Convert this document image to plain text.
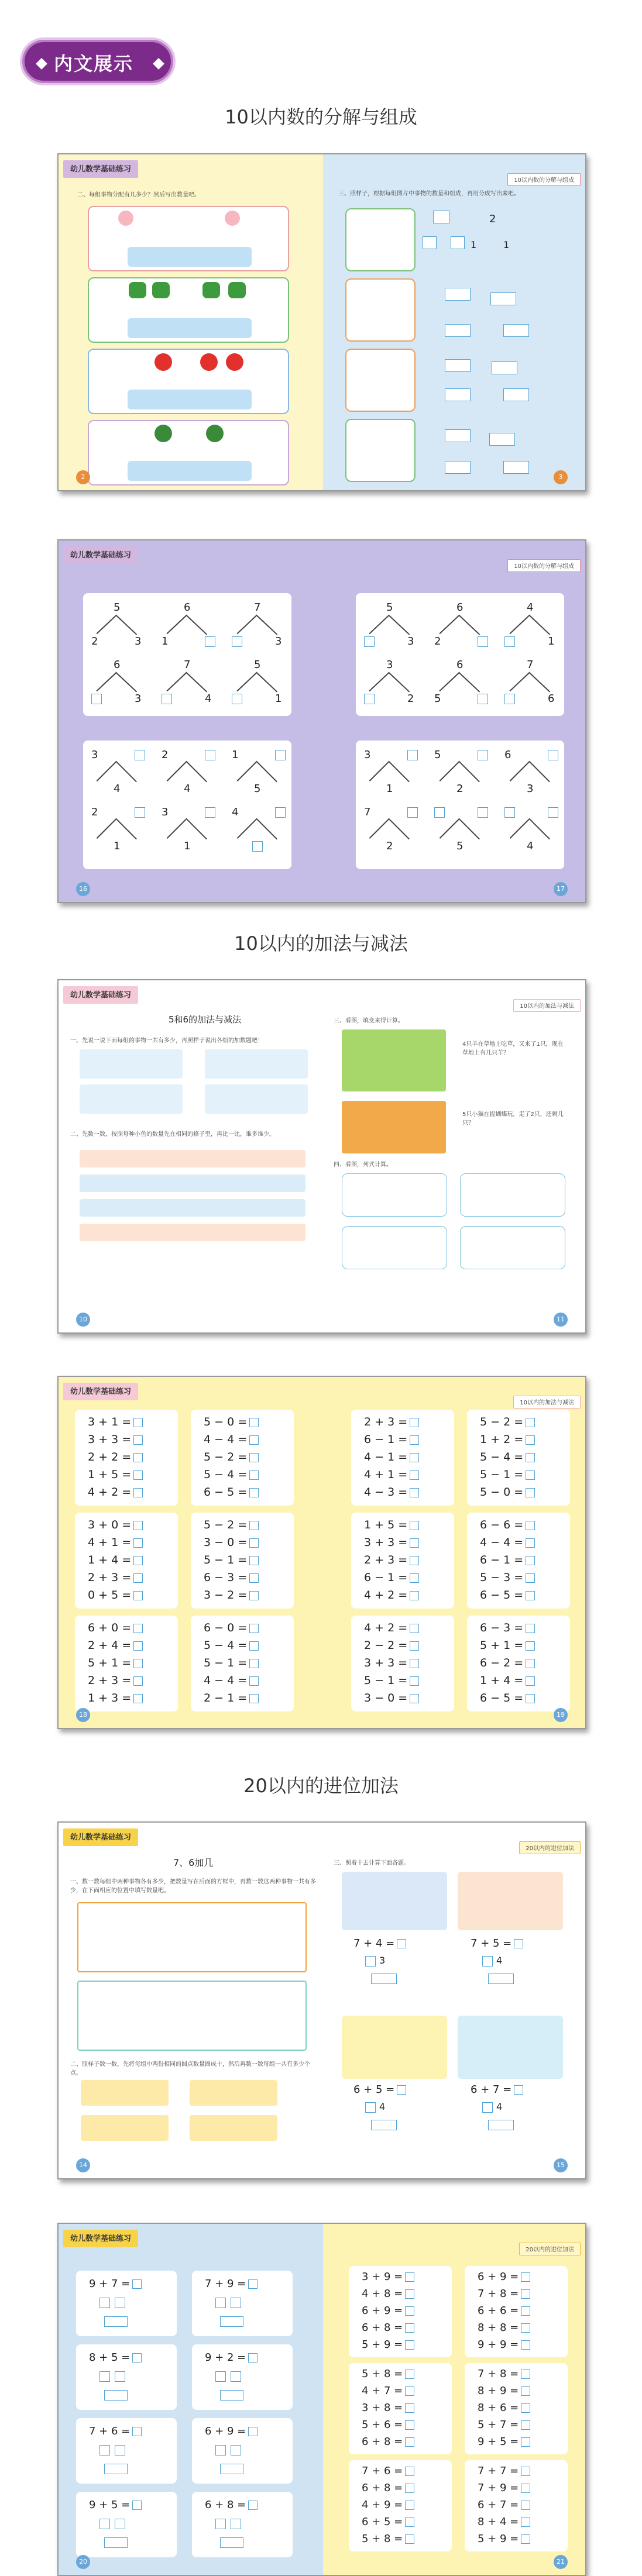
内文展示
10以内数的分解与组成
幼儿数学基础练习
10以内数的分解与组成
二、每组事物分配有几多少？然后写出数量吧。	三、照样子，根据每组图片中事物的数量和组成，再用分成写出来吧。
2
1	1
2	3
幼儿数学基础练习
10以内数的分解与组成
5
2	3
6
1
7
3
6
3
7
4
5
1
5
3
6
2
4
1
3
2
6
5
7
6
4
3
4
2
5
1
1
2
1
3	4
1
3
2
5
3
6
2
7
5	4
16	17
10以内的加法与减法
幼儿数学基础练习
10以内的加法与减法
5和6的加法与减法
一、先说一说下面每组的事物一共有多少，再照样子说出各组的加数题吧！
二、先数一数，按照每种小鱼的数量先在相同的格子里，再比一比，谁多谁少。
三、看图，填变来得计算。
4只羊在草地上吃草，又来了1只，现在草地上有几只羊？
5只小猫在捉蝴蝶玩，走了2只，还剩几只？
四、看图，列式计算。
10	11
幼儿数学基础练习
10以内的加法与减法
3 + 1 =
3 + 3 =
2 + 2 =
1 + 5 =
4 + 2 =
3 + 0 =
4 + 1 =
1 + 4 =
2 + 3 =
0 + 5 =
6 + 0 =
2 + 4 =
5 + 1 =
2 + 3 =
1 + 3 =
5 − 0 =
4 − 4 =
5 − 2 =
5 − 4 =
6 − 5 =
5 − 2 =
3 − 0 =
5 − 1 =
6 − 3 =
3 − 2 =
6 − 0 =
5 − 4 =
5 − 1 =
4 − 4 =
2 − 1 =
2 + 3 =
6 − 1 =
4 − 1 =
4 + 1 =
4 − 3 =
1 + 5 =
3 + 3 =
2 + 3 =
6 − 1 =
4 + 2 =
4 + 2 =
2 − 2 =
3 + 3 =
5 − 1 =
3 − 0 =
5 − 2 =
1 + 2 =
5 − 4 =
5 − 1 =
5 − 0 =
6 − 6 =
4 − 4 =
6 − 1 =
5 − 3 =
6 − 5 =
6 − 3 =
5 + 1 =
6 − 2 =
1 + 4 =
6 − 5 =
18	19
20以内的进位加法
幼儿数学基础练习
20以内的进位加法
7、6加几
一、数一数每组中两种事物各有多少，把数量写在后面的方框中，再数一数这两种事物一共有多少，在下面相应的位置中填写数量吧。
二、照样子数一数，先将每组中两份相同的圆点数量圈成十，然后再数一数每组一共有多少个点。
三、照着十去计算下面各题。
7 + 4 =
3
7 + 5 =
4
6 + 5 =
4
6 + 7 =
4
14	15
幼儿数学基础练习
20以内的进位加法
9 + 7 =	7 + 9 =
8 + 5 =	9 + 2 =
7 + 6 =	6 + 9 =
9 + 5 =	6 + 8 =
3 + 9 =
4 + 8 =
6 + 9 =
6 + 8 =
5 + 9 =
5 + 8 =
4 + 7 =
3 + 8 =
5 + 6 =
6 + 8 =
7 + 6 =
6 + 8 =
4 + 9 =
6 + 5 =
5 + 8 =
6 + 9 =
7 + 8 =
6 + 6 =
8 + 8 =
9 + 9 =
7 + 8 =
8 + 9 =
8 + 6 =
5 + 7 =
9 + 5 =
7 + 7 =
7 + 9 =
6 + 7 =
8 + 4 =
5 + 9 =
20	21
